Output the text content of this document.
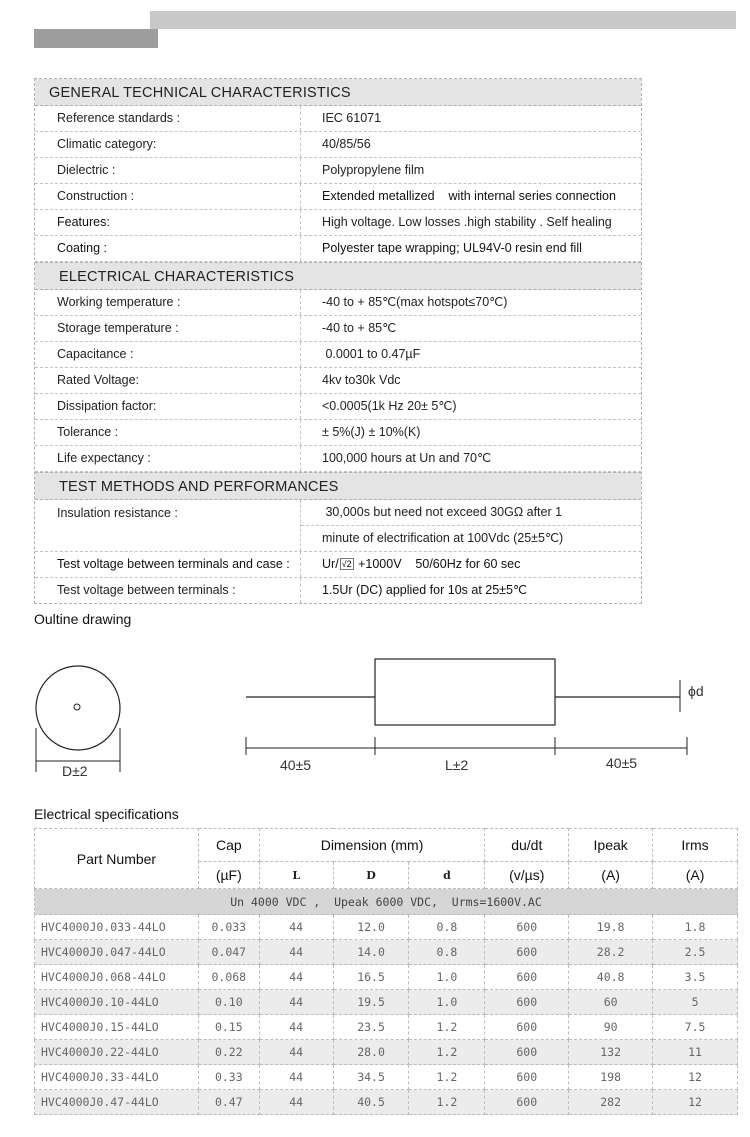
GENERAL TECHNICAL CHARACTERISTICS
Reference standards :	IEC 61071
Climatic category:	40/85/56
Dielectric :	Polypropylene film
Construction :	Extended metallized    with internal series connection
Features:	High voltage. Low losses .high stability . Self healing
Coating :	Polyester tape wrapping; UL94V-0 resin end fill
ELECTRICAL CHARACTERISTICS
Working temperature :	-40 to + 85℃(max hotspot≤70℃)
Storage temperature :	-40 to + 85℃
Capacitance :	0.0001 to 0.47µF
Rated Voltage:	4kv to30k Vdc
Dissipation factor:	<0.0005(1k Hz 20± 5℃)
Tolerance :	± 5%(J) ± 10%(K)
Life expectancy :	100,000 hours at Un and 70℃
TEST METHODS AND PERFORMANCES
Insulation resistance :	30,000s but need not exceed 30GΩ after 1
minute of electrification at 100Vdc (25±5℃)
Test voltage between terminals and case :	Ur/ √2 +1000V    50/60Hz for 60 sec
Test voltage between terminals :	1.5Ur (DC) applied for 10s at 25±5℃
Oultine drawing
D±2
ϕd
40±5	L±2	40±5
Electrical specifications
Part Number	Cap	Dimension (mm)			du/dt	Ipeak	Irms
	(µF)	L	D	d	(v/µs)	(A)	(A)
Un 4000 VDC ,  Upeak 6000 VDC,  Urms=1600V.AC							
HVC4000J0.033-44LO	0.033	44	12.0	0.8	600	19.8	1.8
HVC4000J0.047-44LO	0.047	44	14.0	0.8	600	28.2	2.5
HVC4000J0.068-44LO	0.068	44	16.5	1.0	600	40.8	3.5
HVC4000J0.10-44LO	0.10	44	19.5	1.0	600	60	5
HVC4000J0.15-44LO	0.15	44	23.5	1.2	600	90	7.5
HVC4000J0.22-44LO	0.22	44	28.0	1.2	600	132	11
HVC4000J0.33-44LO	0.33	44	34.5	1.2	600	198	12
HVC4000J0.47-44LO	0.47	44	40.5	1.2	600	282	12
